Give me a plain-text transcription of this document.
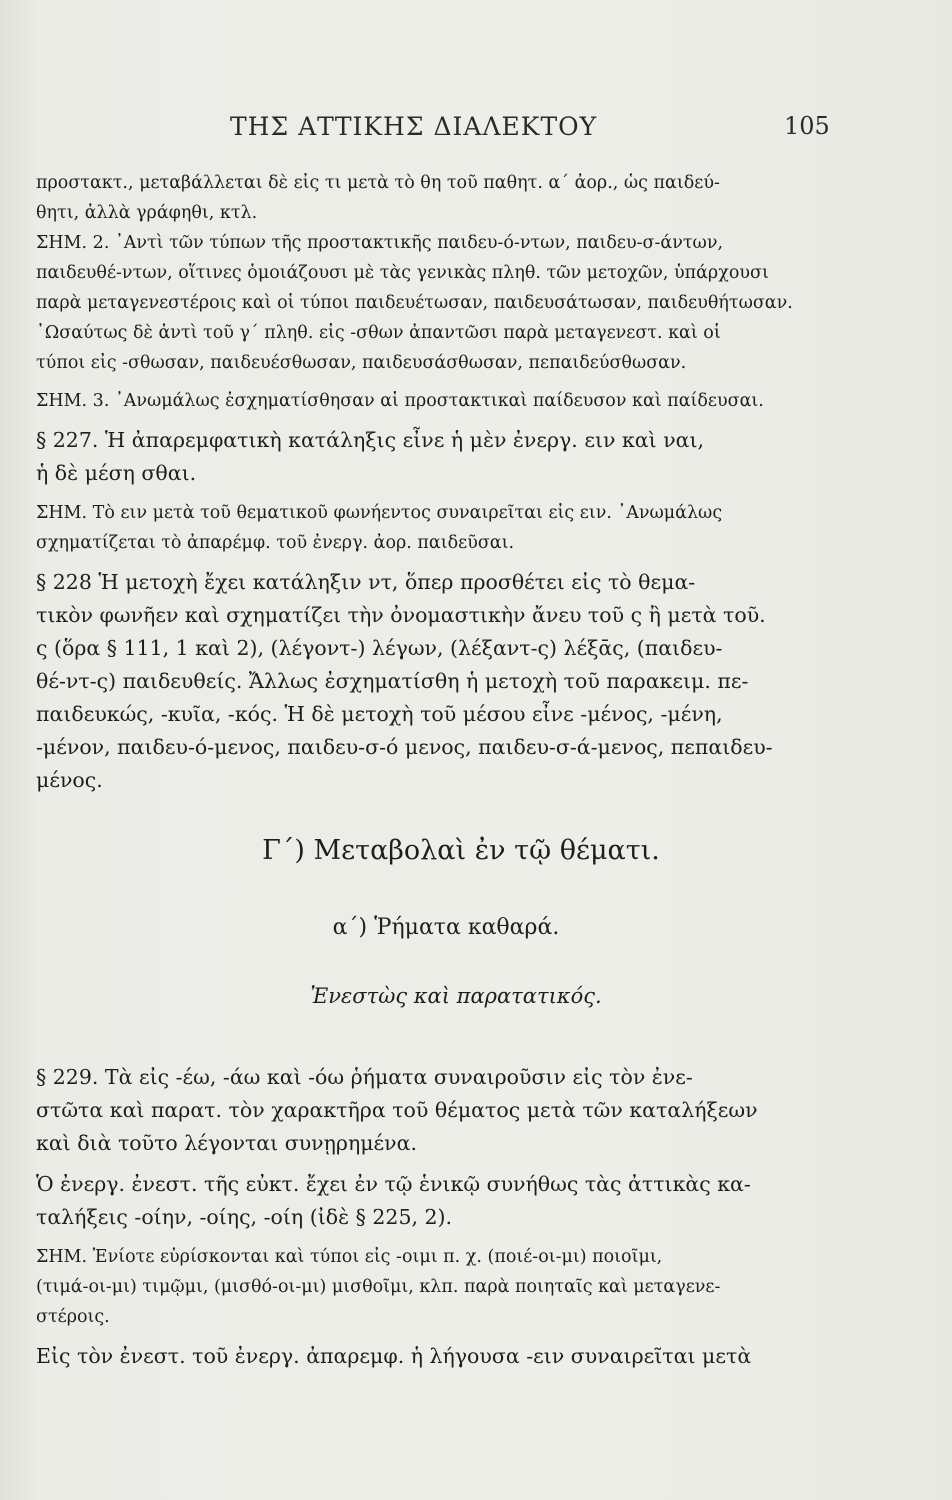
ΤΗΣ ΑΤΤΙΚΗΣ ΔΙΑΛΕΚΤΟΥ	105
προστακτ., μεταβάλλεται δὲ εἰς τι μετὰ τὸ θη τοῦ παθητ. α΄ ἀορ., ὡς παιδεύ-
θητι, ἀλλὰ γράφηθι, κτλ.
ΣΗΜ. 2. ᾿Αντὶ τῶν τύπων τῆς προστακτικῆς παιδευ-ό-ντων, παιδευ-σ-άντων,
παιδευθέ-ντων, οἵτινες ὁμοιάζουσι μὲ τὰς γενικὰς πληθ. τῶν μετοχῶν, ὑπάρχουσι
παρὰ μεταγενεστέροις καὶ οἱ τύποι παιδευέτωσαν, παιδευσάτωσαν, παιδευθήτωσαν.
᾿Ωσαύτως δὲ ἀντὶ τοῦ γ΄ πληθ. εἰς -σθων ἀπαντῶσι παρὰ μεταγενεστ. καὶ οἱ
τύποι εἰς -σθωσαν, παιδευέσθωσαν, παιδευσάσθωσαν, πεπαιδεύσθωσαν.
ΣΗΜ. 3. ᾿Ανωμάλως ἐσχηματίσθησαν αἱ προστακτικαὶ παίδευσον καὶ παίδευσαι.
§ 227. Ἡ ἀπαρεμφατικὴ κατάληξις εἶνε ἡ μὲν ἐνεργ. ειν καὶ ναι,
ἡ δὲ μέση σθαι.
ΣΗΜ. Τὸ ειν μετὰ τοῦ θεματικοῦ φωνήεντος συναιρεῖται εἰς ειν. ᾿Ανωμάλως
σχηματίζεται τὸ ἀπαρέμφ. τοῦ ἐνεργ. ἀορ. παιδεῦσαι.
§ 228 Ἡ μετοχὴ ἔχει κατάληξιν ντ, ὅπερ προσθέτει εἰς τὸ θεμα-
τικὸν φωνῆεν καὶ σχηματίζει τὴν ὀνομαστικὴν ἄνευ τοῦ ς ἢ μετὰ τοῦ.
ς (ὅρα § 111, 1 καὶ 2), (λέγοντ-) λέγων, (λέξαντ-ς) λέξᾱς, (παιδευ-
θέ-ντ-ς) παιδευθείς. Ἄλλως ἐσχηματίσθη ἡ μετοχὴ τοῦ παρακειμ. πε-
παιδευκώς, -κυῖα, -κός. Ἡ δὲ μετοχὴ τοῦ μέσου εἶνε -μένος, -μένη,
-μένον, παιδευ-ό-μενος, παιδευ-σ-ό μενος, παιδευ-σ-ά-μενος, πεπαιδευ-
μένος.
Γ΄) Μεταβολαὶ ἐν τῷ θέματι.
α΄) Ῥήματα καθαρά.
Ἐνεστὼς καὶ παρατατικός.
§ 229. Τὰ εἰς -έω, -άω καὶ -όω ῥήματα συναιροῦσιν εἰς τὸν ἐνε-
στῶτα καὶ παρατ. τὸν χαρακτῆρα τοῦ θέματος μετὰ τῶν καταλήξεων
καὶ διὰ τοῦτο λέγονται συνῃρημένα.
Ὁ ἐνεργ. ἐνεστ. τῆς εὐκτ. ἔχει ἐν τῷ ἑνικῷ συνήθως τὰς ἀττικὰς κα-
ταλήξεις -οίην, -οίης, -οίη (ἰδὲ § 225, 2).
ΣΗΜ. Ἐνίοτε εὑρίσκονται καὶ τύποι εἰς -οιμι π. χ. (ποιέ-οι-μι) ποιοῖμι,
(τιμά-οι-μι) τιμῷμι, (μισθό-οι-μι) μισθοῖμι, κλπ. παρὰ ποιηταῖς καὶ μεταγενε-
στέροις.
Εἰς τὸν ἐνεστ. τοῦ ἐνεργ. ἀπαρεμφ. ἡ λήγουσα -ειν συναιρεῖται μετὰ
